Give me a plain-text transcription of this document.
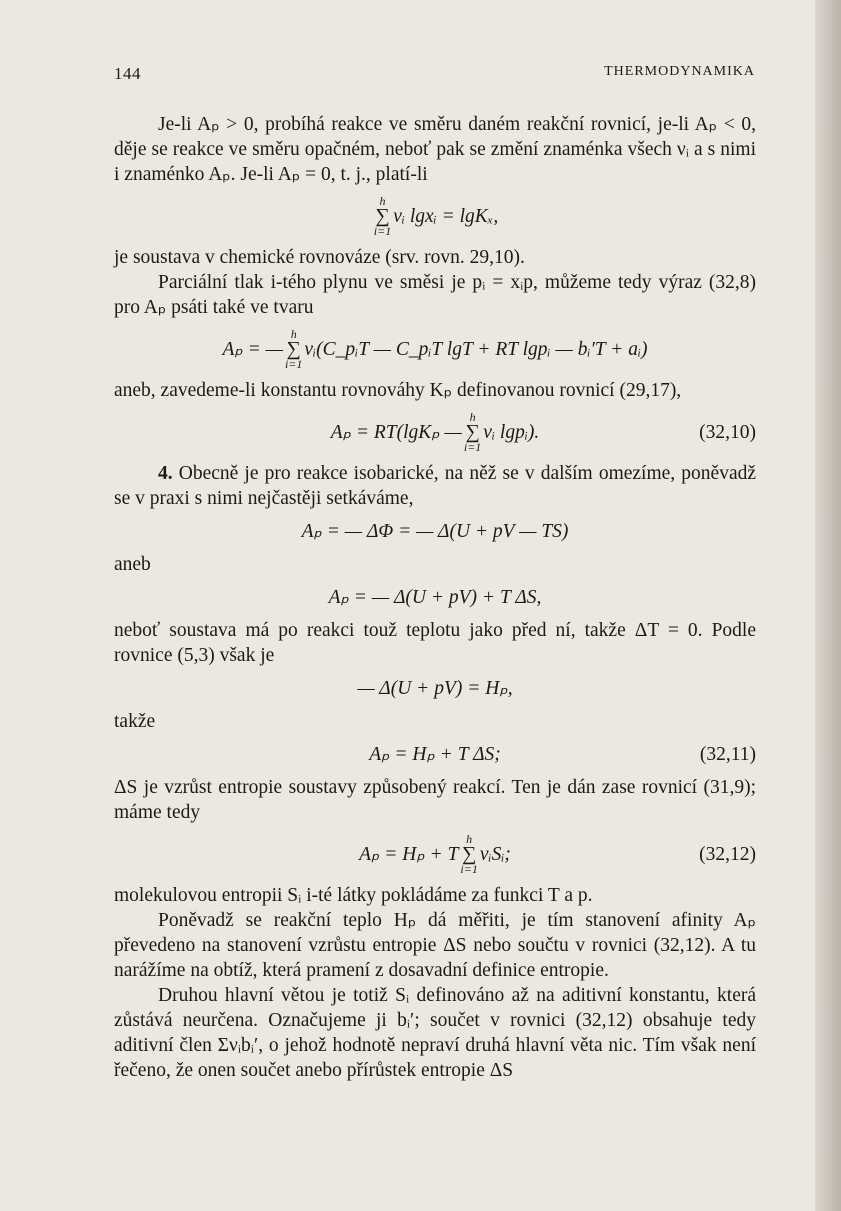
144	THERMODYNAMIKA

Je-li Aₚ > 0, probíhá reakce ve směru daném reakční rovnicí, je-li Aₚ < 0, děje se reakce ve směru opačném, neboť pak se změní znaménka všech νᵢ a s nimi i znaménko Aₚ. Je-li Aₚ = 0, t. j., platí-li

h
∑
i=1
νᵢ lgxᵢ = lgKₓ,

je soustava v chemické rovnováze (srv. rovn. 29,10).

Parciální tlak i-tého plynu ve směsi je pᵢ = xᵢp, můžeme tedy výraz (32,8) pro Aₚ psáti také ve tvaru

Aₚ = —
h
∑
i=1
νᵢ(C_pᵢT — C_pᵢT lgT + RT lgpᵢ — bᵢ′T + aᵢ)

aneb, zavedeme-li konstantu rovnováhy Kₚ definovanou rovnicí (29,17),

Aₚ = RT(lgKₚ —
h
∑
i=1
νᵢ lgpᵢ).	(32,10)

4. Obecně je pro reakce isobarické, na něž se v dalším omezíme, poněvadž se v praxi s nimi nejčastěji setkáváme,

Aₚ = — ΔΦ = — Δ(U + pV — TS)

aneb

Aₚ = — Δ(U + pV) + T ΔS,

neboť soustava má po reakci touž teplotu jako před ní, takže ΔT = 0. Podle rovnice (5,3) však je

— Δ(U + pV) = Hₚ,

takže

Aₚ = Hₚ + T ΔS;	(32,11)

ΔS je vzrůst entropie soustavy způsobený reakcí. Ten je dán zase rovnicí (31,9); máme tedy

Aₚ = Hₚ + T
h
∑
i=1
νᵢSᵢ;	(32,12)

molekulovou entropii Sᵢ i-té látky pokládáme za funkci T a p.

Poněvadž se reakční teplo Hₚ dá měřiti, je tím stanovení afinity Aₚ převedeno na stanovení vzrůstu entropie ΔS nebo součtu v rovnici (32,12). A tu narážíme na obtíž, která pramení z dosavadní definice entropie.

Druhou hlavní větou je totiž Sᵢ definováno až na aditivní konstantu, která zůstává neurčena. Označujeme ji bᵢ′; součet v rovnici (32,12) obsahuje tedy aditivní člen Σνᵢbᵢ′, o jehož hodnotě nepraví druhá hlavní věta nic. Tím však není řečeno, že onen součet anebo přírůstek entropie ΔS
